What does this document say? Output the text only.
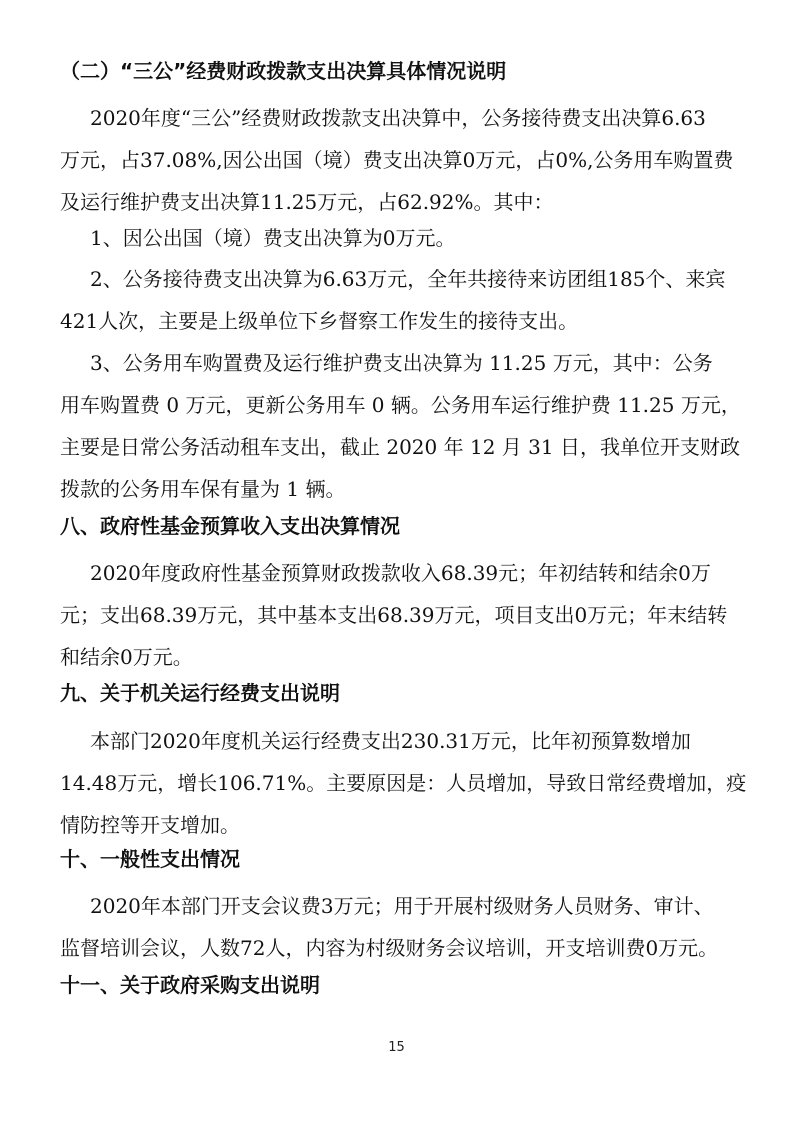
（二）“三公”经费财政拨款支出决算具体情况说明

2020年度“三公”经费财政拨款支出决算中，公务接待费支出决算6.63
万元，占37.08%,因公出国（境）费支出决算0万元，占0%,公务用车购置费
及运行维护费支出决算11.25万元，占62.92%。其中：

1、因公出国（境）费支出决算为0万元。

2、公务接待费支出决算为6.63万元，全年共接待来访团组185个、来宾
421人次，主要是上级单位下乡督察工作发生的接待支出。

3、公务用车购置费及运行维护费支出决算为 11.25 万元，其中：公务
用车购置费 0 万元，更新公务用车 0 辆。公务用车运行维护费 11.25 万元，
主要是日常公务活动租车支出，截止 2020 年 12 月 31 日，我单位开支财政
拨款的公务用车保有量为 1 辆。

八、政府性基金预算收入支出决算情况

2020年度政府性基金预算财政拨款收入68.39元；年初结转和结余0万
元；支出68.39万元，其中基本支出68.39万元，项目支出0万元；年末结转
和结余0万元。

九、关于机关运行经费支出说明

本部门2020年度机关运行经费支出230.31万元，比年初预算数增加
14.48万元，增长106.71%。主要原因是：人员增加，导致日常经费增加，疫
情防控等开支增加。

十、一般性支出情况

2020年本部门开支会议费3万元；用于开展村级财务人员财务、审计、
监督培训会议，人数72人，内容为村级财务会议培训，开支培训费0万元。

十一、关于政府采购支出说明
15
